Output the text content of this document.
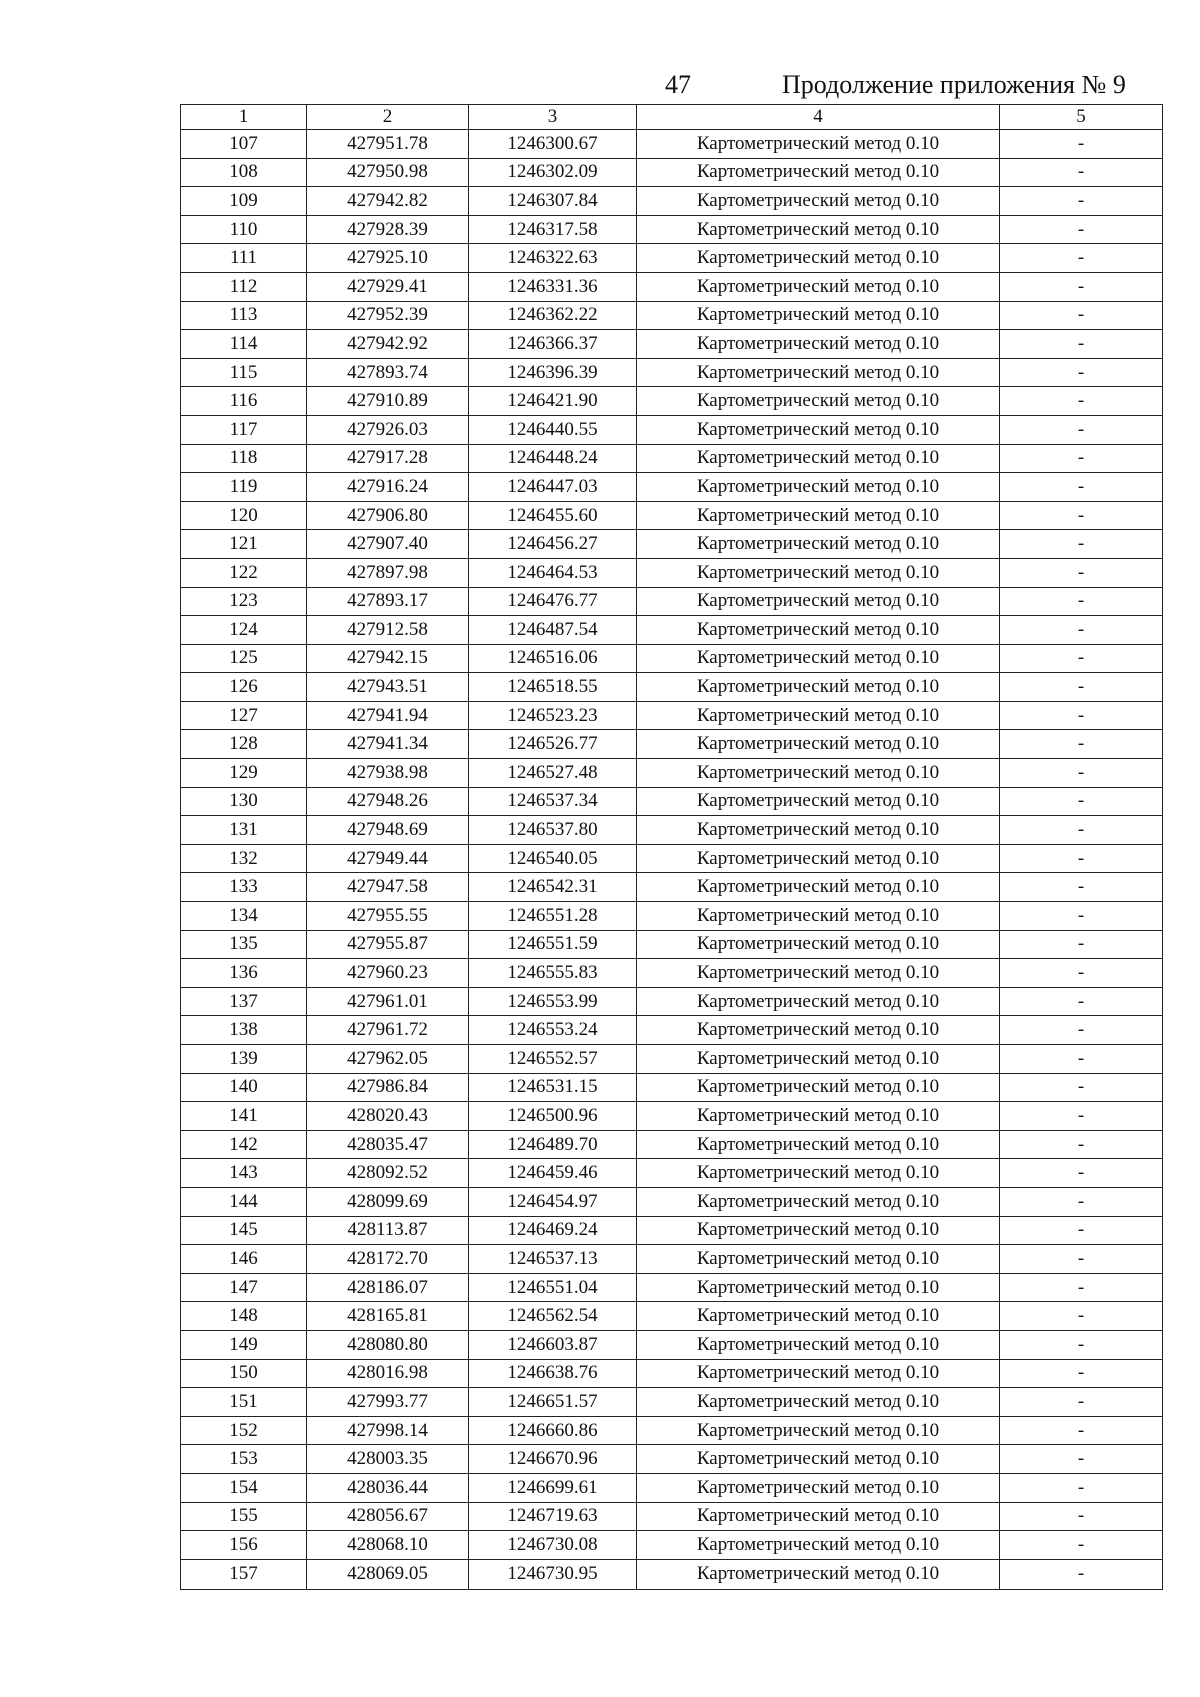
47	Продолжение приложения № 9
1	2	3	4	5
107	427951.78	1246300.67	Картометрический метод 0.10	-
108	427950.98	1246302.09	Картометрический метод 0.10	-
109	427942.82	1246307.84	Картометрический метод 0.10	-
110	427928.39	1246317.58	Картометрический метод 0.10	-
111	427925.10	1246322.63	Картометрический метод 0.10	-
112	427929.41	1246331.36	Картометрический метод 0.10	-
113	427952.39	1246362.22	Картометрический метод 0.10	-
114	427942.92	1246366.37	Картометрический метод 0.10	-
115	427893.74	1246396.39	Картометрический метод 0.10	-
116	427910.89	1246421.90	Картометрический метод 0.10	-
117	427926.03	1246440.55	Картометрический метод 0.10	-
118	427917.28	1246448.24	Картометрический метод 0.10	-
119	427916.24	1246447.03	Картометрический метод 0.10	-
120	427906.80	1246455.60	Картометрический метод 0.10	-
121	427907.40	1246456.27	Картометрический метод 0.10	-
122	427897.98	1246464.53	Картометрический метод 0.10	-
123	427893.17	1246476.77	Картометрический метод 0.10	-
124	427912.58	1246487.54	Картометрический метод 0.10	-
125	427942.15	1246516.06	Картометрический метод 0.10	-
126	427943.51	1246518.55	Картометрический метод 0.10	-
127	427941.94	1246523.23	Картометрический метод 0.10	-
128	427941.34	1246526.77	Картометрический метод 0.10	-
129	427938.98	1246527.48	Картометрический метод 0.10	-
130	427948.26	1246537.34	Картометрический метод 0.10	-
131	427948.69	1246537.80	Картометрический метод 0.10	-
132	427949.44	1246540.05	Картометрический метод 0.10	-
133	427947.58	1246542.31	Картометрический метод 0.10	-
134	427955.55	1246551.28	Картометрический метод 0.10	-
135	427955.87	1246551.59	Картометрический метод 0.10	-
136	427960.23	1246555.83	Картометрический метод 0.10	-
137	427961.01	1246553.99	Картометрический метод 0.10	-
138	427961.72	1246553.24	Картометрический метод 0.10	-
139	427962.05	1246552.57	Картометрический метод 0.10	-
140	427986.84	1246531.15	Картометрический метод 0.10	-
141	428020.43	1246500.96	Картометрический метод 0.10	-
142	428035.47	1246489.70	Картометрический метод 0.10	-
143	428092.52	1246459.46	Картометрический метод 0.10	-
144	428099.69	1246454.97	Картометрический метод 0.10	-
145	428113.87	1246469.24	Картометрический метод 0.10	-
146	428172.70	1246537.13	Картометрический метод 0.10	-
147	428186.07	1246551.04	Картометрический метод 0.10	-
148	428165.81	1246562.54	Картометрический метод 0.10	-
149	428080.80	1246603.87	Картометрический метод 0.10	-
150	428016.98	1246638.76	Картометрический метод 0.10	-
151	427993.77	1246651.57	Картометрический метод 0.10	-
152	427998.14	1246660.86	Картометрический метод 0.10	-
153	428003.35	1246670.96	Картометрический метод 0.10	-
154	428036.44	1246699.61	Картометрический метод 0.10	-
155	428056.67	1246719.63	Картометрический метод 0.10	-
156	428068.10	1246730.08	Картометрический метод 0.10	-
157	428069.05	1246730.95	Картометрический метод 0.10	-
